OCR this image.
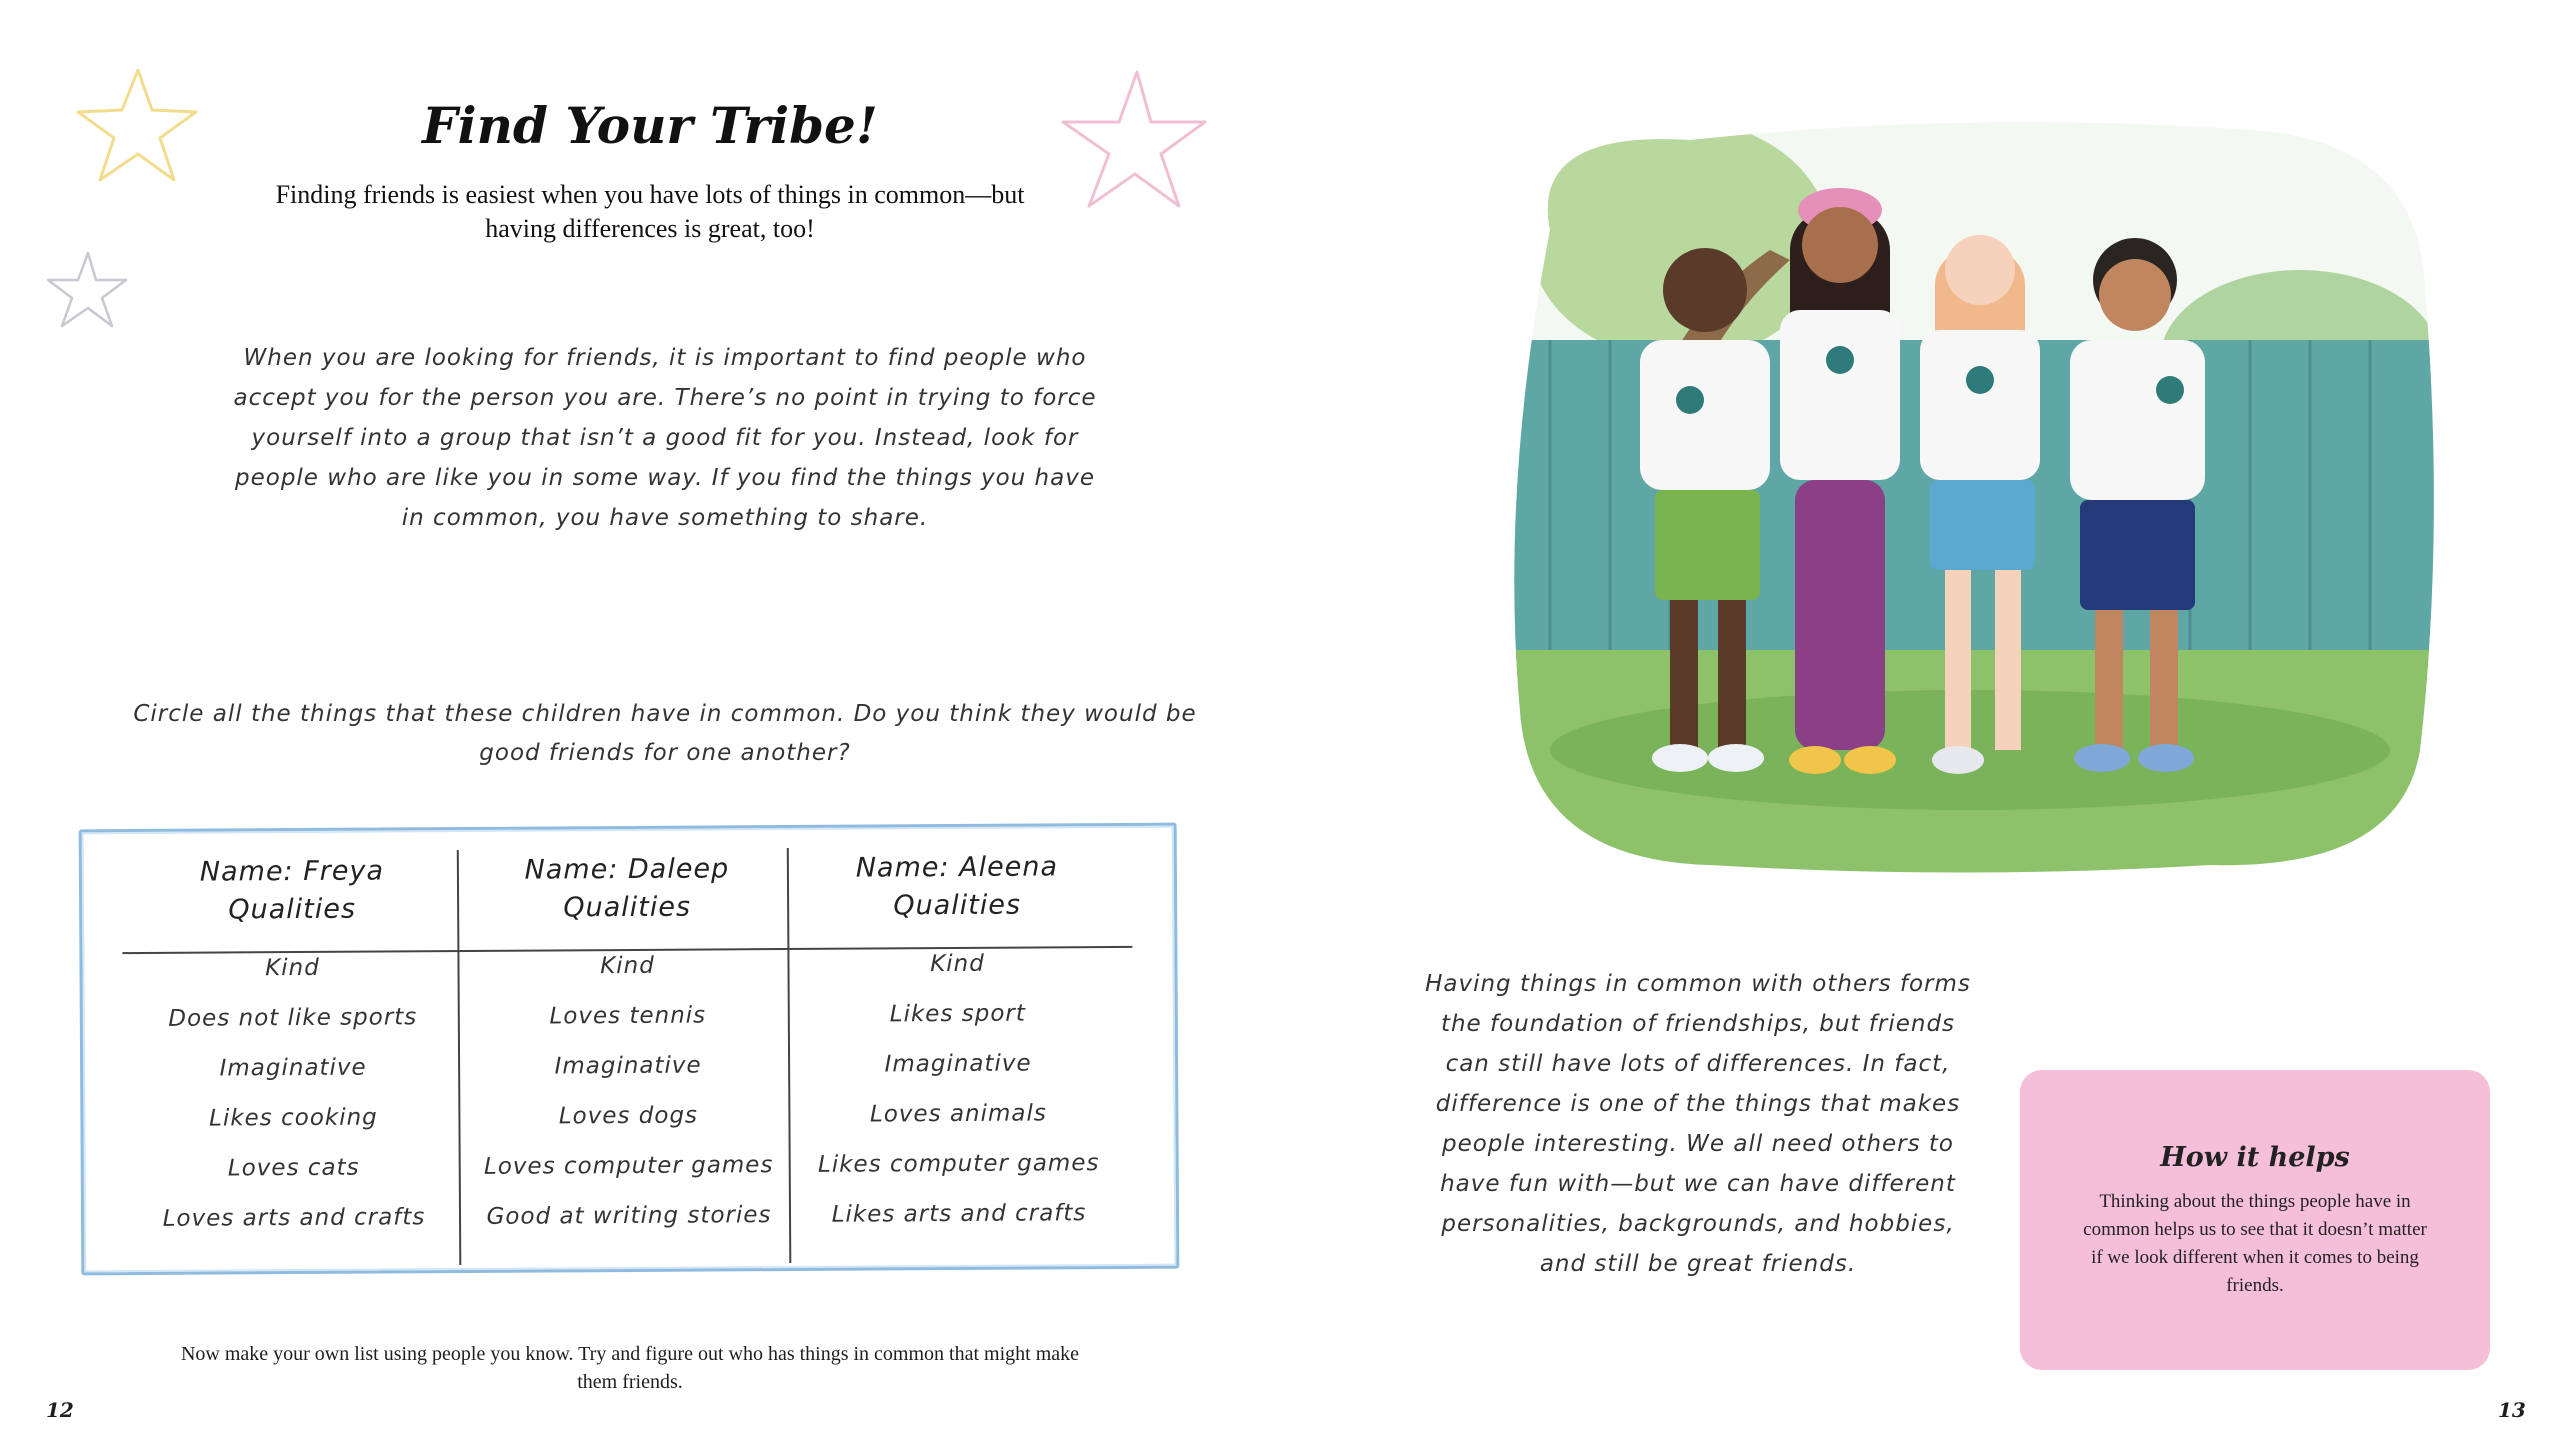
Find Your Tribe!
Finding friends is easiest when you have lots of things in common—but having differences is great, too!
When you are looking for friends, it is important to find people who accept you for the person you are. There’s no point in trying to force yourself into a group that isn’t a good fit for you. Instead, look for people who are like you in some way. If you find the things you have in common, you have something to share.
Circle all the things that these children have in common. Do you think they would be good friends for one another?
Name: Freya
Qualities
Kind
Does not like sports
Imaginative
Likes cooking
Loves cats
Loves arts and crafts
Name: Daleep
Qualities
Kind
Loves tennis
Imaginative
Loves dogs
Loves computer games
Good at writing stories
Name: Aleena
Qualities
Kind
Likes sport
Imaginative
Loves animals
Likes computer games
Likes arts and crafts
Now make your own list using people you know. Try and figure out who has things in common that might make them friends.
12
Having things in common with others forms the foundation of friendships, but friends can still have lots of differences. In fact, difference is one of the things that makes people interesting. We all need others to have fun with—but we can have different personalities, backgrounds, and hobbies, and still be great friends.
How it helps
Thinking about the things people have in common helps us to see that it doesn’t matter if we look different when it comes to being friends.
13
